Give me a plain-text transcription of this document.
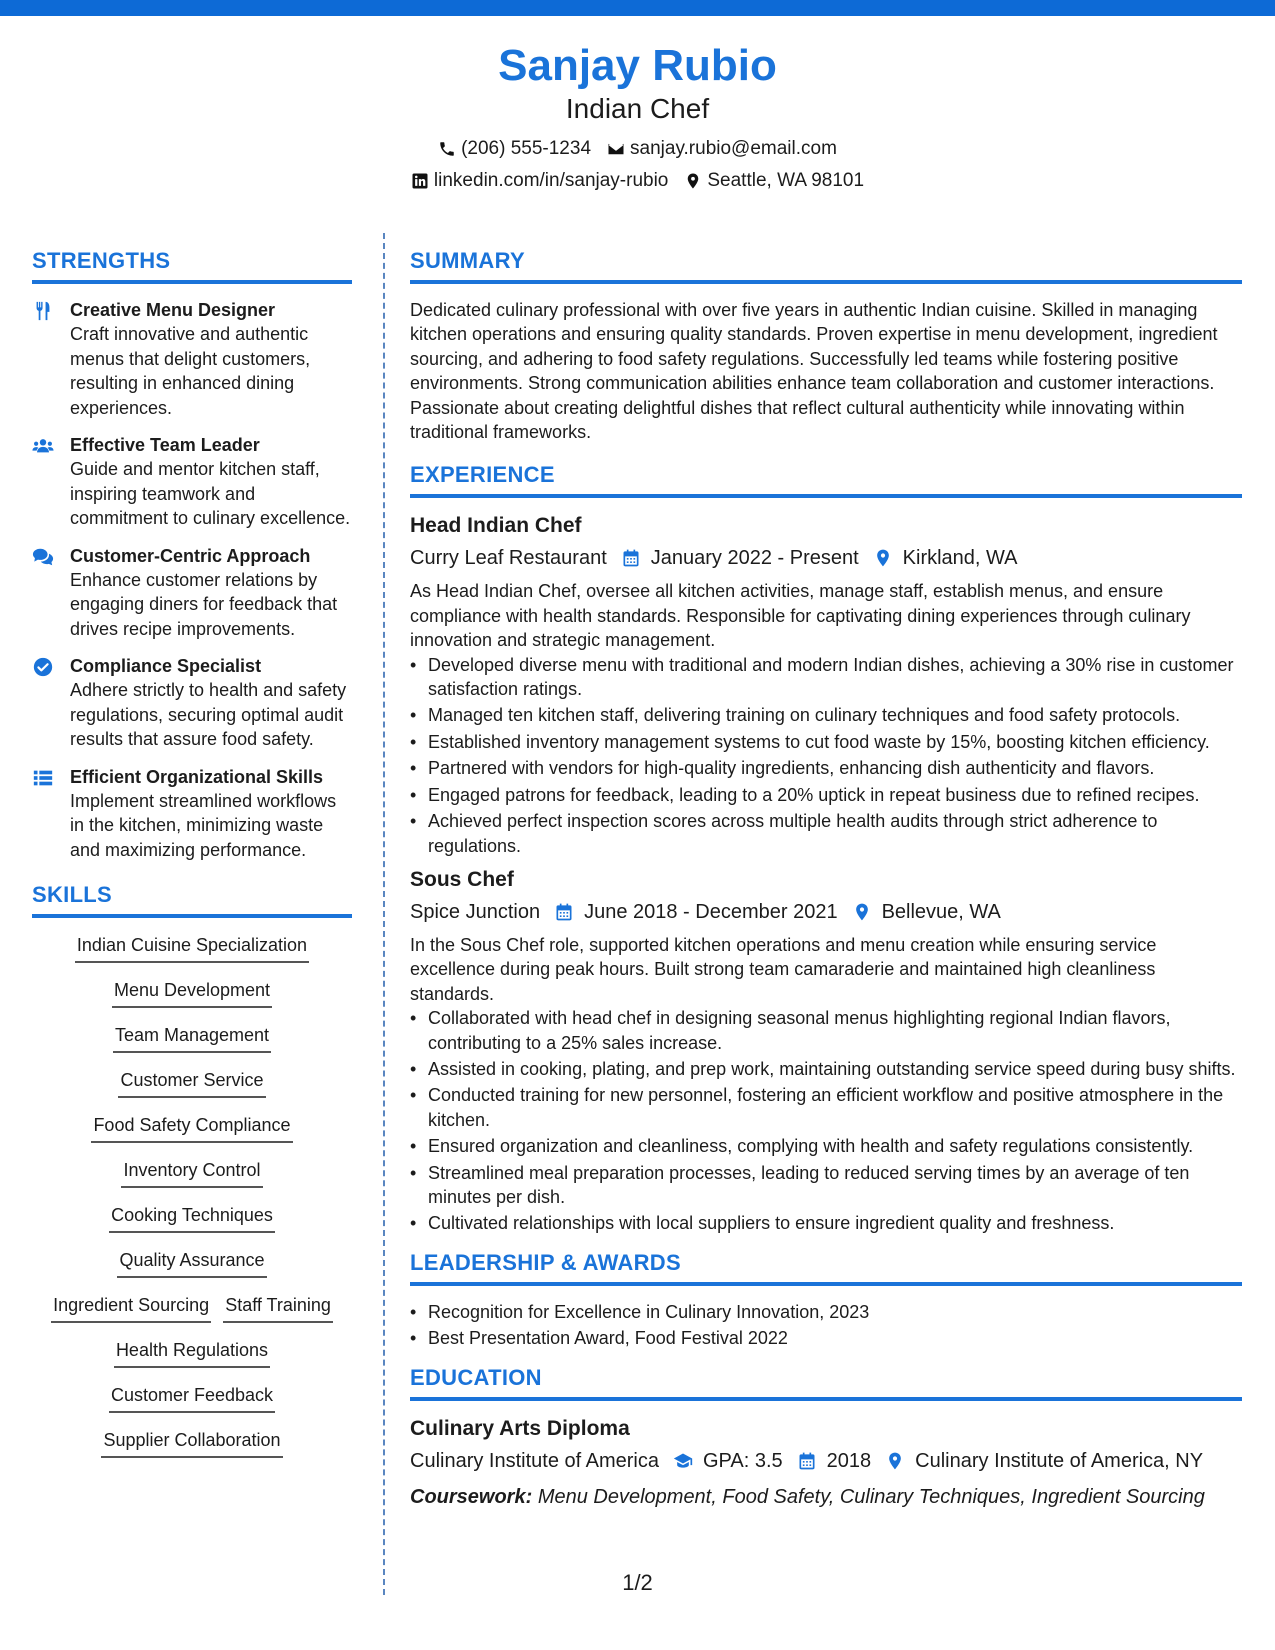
Sanjay Rubio
Indian Chef
(206) 555-1234 sanjay.rubio@email.com
linkedin.com/in/sanjay-rubio Seattle, WA 98101
STRENGTHS
Creative Menu Designer
Craft innovative and authentic menus that delight customers, resulting in enhanced dining experiences.
Effective Team Leader
Guide and mentor kitchen staff, inspiring teamwork and commitment to culinary excellence.
Customer-Centric Approach
Enhance customer relations by engaging diners for feedback that drives recipe improvements.
Compliance Specialist
Adhere strictly to health and safety regulations, securing optimal audit results that assure food safety.
Efficient Organizational Skills
Implement streamlined workflows in the kitchen, minimizing waste and maximizing performance.
SKILLS
Indian Cuisine Specialization
Menu Development
Team Management
Customer Service
Food Safety Compliance
Inventory Control
Cooking Techniques
Quality Assurance
Ingredient Sourcing Staff Training
Health Regulations
Customer Feedback
Supplier Collaboration
SUMMARY
Dedicated culinary professional with over five years in authentic Indian cuisine. Skilled in managing kitchen operations and ensuring quality standards. Proven expertise in menu development, ingredient sourcing, and adhering to food safety regulations. Successfully led teams while fostering positive environments. Strong communication abilities enhance team collaboration and customer interactions. Passionate about creating delightful dishes that reflect cultural authenticity while innovating within traditional frameworks.
EXPERIENCE
Head Indian Chef
Curry Leaf Restaurant January 2022 - Present Kirkland, WA
As Head Indian Chef, oversee all kitchen activities, manage staff, establish menus, and ensure compliance with health standards. Responsible for captivating dining experiences through culinary innovation and strategic management.
• Developed diverse menu with traditional and modern Indian dishes, achieving a 30% rise in customer satisfaction ratings.
• Managed ten kitchen staff, delivering training on culinary techniques and food safety protocols.
• Established inventory management systems to cut food waste by 15%, boosting kitchen efficiency.
• Partnered with vendors for high-quality ingredients, enhancing dish authenticity and flavors.
• Engaged patrons for feedback, leading to a 20% uptick in repeat business due to refined recipes.
• Achieved perfect inspection scores across multiple health audits through strict adherence to regulations.
Sous Chef
Spice Junction June 2018 - December 2021 Bellevue, WA
In the Sous Chef role, supported kitchen operations and menu creation while ensuring service excellence during peak hours. Built strong team camaraderie and maintained high cleanliness standards.
• Collaborated with head chef in designing seasonal menus highlighting regional Indian flavors, contributing to a 25% sales increase.
• Assisted in cooking, plating, and prep work, maintaining outstanding service speed during busy shifts.
• Conducted training for new personnel, fostering an efficient workflow and positive atmosphere in the kitchen.
• Ensured organization and cleanliness, complying with health and safety regulations consistently.
• Streamlined meal preparation processes, leading to reduced serving times by an average of ten minutes per dish.
• Cultivated relationships with local suppliers to ensure ingredient quality and freshness.
LEADERSHIP & AWARDS
• Recognition for Excellence in Culinary Innovation, 2023
• Best Presentation Award, Food Festival 2022
EDUCATION
Culinary Arts Diploma
Culinary Institute of America GPA: 3.5 2018 Culinary Institute of America, NY
Coursework: Menu Development, Food Safety, Culinary Techniques, Ingredient Sourcing
1/2
